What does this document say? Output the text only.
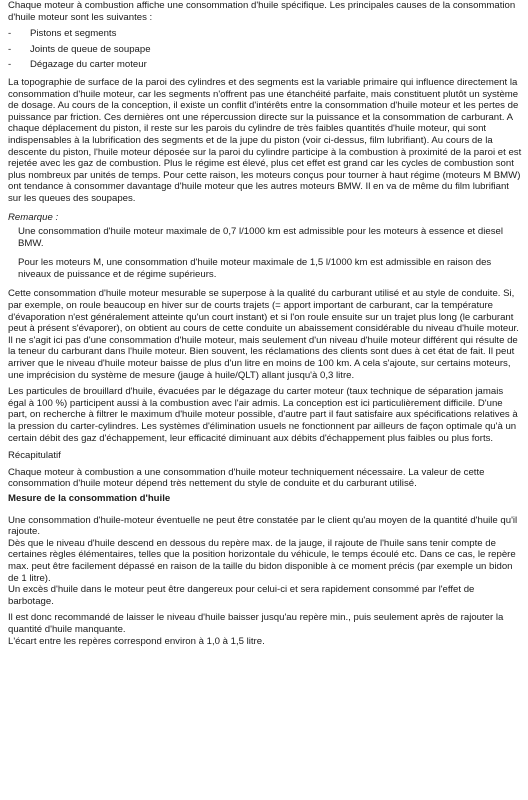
Chaque moteur à combustion affiche une consommation d'huile spécifique. Les principales causes de la consommation d'huile moteur sont les suivantes :

- Pistons et segments
- Joints de queue de soupape
- Dégazage du carter moteur

La topographie de surface de la paroi des cylindres et des segments est la variable primaire qui influence directement la consommation d'huile moteur, car les segments n'offrent pas une étanchéité parfaite, mais constituent plutôt un système de dosage. Au cours de la conception, il existe un conflit d'intérêts entre la consommation d'huile moteur et les pertes de puissance par friction. Ces dernières ont une répercussion directe sur la puissance et la consommation de carburant. A chaque déplacement du piston, il reste sur les parois du cylindre de très faibles quantités d'huile moteur, qui sont indispensables à la lubrification des segments et de la jupe du piston (voir ci-dessus, film lubrifiant). Au cours de la descente du piston, l'huile moteur déposée sur la paroi du cylindre participe à la combustion à proximité de la paroi et est rejetée avec les gaz de combustion. Plus le régime est élevé, plus cet effet est grand car les cycles de combustion sont plus nombreux par unités de temps. Pour cette raison, les moteurs conçus pour tourner à haut régime (moteurs M BMW) ont tendance à consommer davantage d'huile moteur que les autres moteurs BMW. Il en va de même du film lubrifiant sur les queues des soupapes.

Remarque :

Une consommation d'huile moteur maximale de 0,7 l/1000 km est admissible pour les moteurs à essence et diesel BMW.

Pour les moteurs M, une consommation d'huile moteur maximale de 1,5 l/1000 km est admissible en raison des niveaux de puissance et de régime supérieurs.

Cette consommation d'huile moteur mesurable se superpose à la qualité du carburant utilisé et au style de conduite. Si, par exemple, on roule beaucoup en hiver sur de courts trajets (= apport important de carburant, car la température d'évaporation n'est généralement atteinte qu'un court instant) et si l'on roule ensuite sur un trajet plus long (le carburant peut à présent s'évaporer), on obtient au cours de cette conduite un abaissement considérable du niveau d'huile moteur. Il ne s'agit ici pas d'une consommation d'huile moteur, mais seulement d'un niveau d'huile moteur différent qui résulte de la teneur du carburant dans l'huile moteur. Bien souvent, les réclamations des clients sont dues à cet état de fait. Il peut arriver que le niveau d'huile moteur baisse de plus d'un litre en moins de 100 km. A cela s'ajoute, sur certains moteurs, une imprécision du système de mesure (jauge à huile/QLT) allant jusqu'à 0,3 litre.

Les particules de brouillard d'huile, évacuées par le dégazage du carter moteur (taux technique de séparation jamais égal à 100 %) participent aussi à la combustion avec l'air admis. La conception est ici particulièrement difficile. D'une part, on recherche à filtrer le maximum d'huile moteur possible, d'autre part il faut satisfaire aux spécifications relatives à la pression du carter-cylindres. Les systèmes d'élimination usuels ne fonctionnent par ailleurs de façon optimale qu'à un certain débit des gaz d'échappement, leur efficacité diminuant aux débits d'échappement plus faibles ou plus forts.

Récapitulatif

Chaque moteur à combustion a une consommation d'huile moteur techniquement nécessaire. La valeur de cette consommation d'huile moteur dépend très nettement du style de conduite et du carburant utilisé.

Mesure de la consommation d'huile

Une consommation d'huile-moteur éventuelle ne peut être constatée par le client qu'au moyen de la quantité d'huile qu'il rajoute.

Dès que le niveau d'huile descend en dessous du repère max. de la jauge, il rajoute de l'huile sans tenir compte de certaines règles élémentaires, telles que la position horizontale du véhicule, le temps écoulé etc. Dans ce cas, le repère max. peut être facilement dépassé en raison de la taille du bidon disponible à ce moment précis (par exemple un bidon de 1 litre).

Un excès d'huile dans le moteur peut être dangereux pour celui-ci et sera rapidement consommé par l'effet de barbotage.

Il est donc recommandé de laisser le niveau d'huile baisser jusqu'au repère min., puis seulement après de rajouter la quantité d'huile manquante.

L'écart entre les repères correspond environ à 1,0 à 1,5 litre.
